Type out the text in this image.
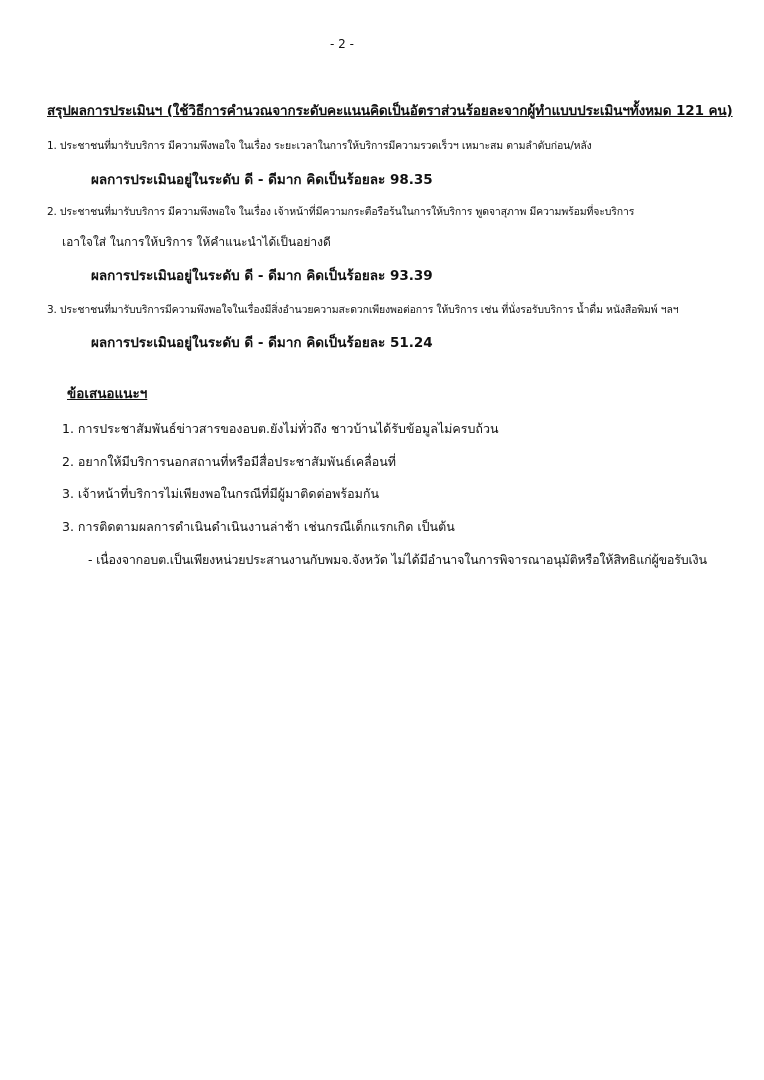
- 2 -
สรุปผลการประเมินฯ (ใช้วิธีการคำนวณจากระดับคะแนนคิดเป็นอัตราส่วนร้อยละจากผู้ทำแบบประเมินฯทั้งหมด 121 คน)
1. ประชาชนที่มารับบริการ มีความพึงพอใจ ในเรื่อง ระยะเวลาในการให้บริการมีความรวดเร็วฯ เหมาะสม ตามลำดับก่อน/หลัง
ผลการประเมินอยู่ในระดับ ดี - ดีมาก คิดเป็นร้อยละ 98.35
2. ประชาชนที่มารับบริการ มีความพึงพอใจ ในเรื่อง เจ้าหน้าที่มีความกระตือรือร้นในการให้บริการ พูดจาสุภาพ มีความพร้อมที่จะบริการ
เอาใจใส่ ในการให้บริการ ให้คำแนะนำได้เป็นอย่างดี
ผลการประเมินอยู่ในระดับ ดี - ดีมาก คิดเป็นร้อยละ 93.39
3. ประชาชนที่มารับบริการมีความพึงพอใจในเรื่องมีสิ่งอำนวยความสะดวกเพียงพอต่อการ ให้บริการ เช่น ที่นั่งรอรับบริการ น้ำดื่ม หนังสือพิมพ์ ฯลฯ
ผลการประเมินอยู่ในระดับ ดี - ดีมาก คิดเป็นร้อยละ 51.24
ข้อเสนอแนะฯ
1. การประชาสัมพันธ์ข่าวสารของอบต.ยังไม่ทั่วถึง ชาวบ้านได้รับข้อมูลไม่ครบถ้วน
2. อยากให้มีบริการนอกสถานที่หรือมีสื่อประชาสัมพันธ์เคลื่อนที่
3. เจ้าหน้าที่บริการไม่เพียงพอในกรณีที่มีผู้มาติดต่อพร้อมกัน
3. การติดตามผลการดำเนินดำเนินงานล่าช้า เช่นกรณีเด็กแรกเกิด เป็นต้น
- เนื่องจากอบต.เป็นเพียงหน่วยประสานงานกับพมจ.จังหวัด ไม่ได้มีอำนาจในการพิจารณาอนุมัติหรือให้สิทธิแก่ผู้ขอรับเงิน
